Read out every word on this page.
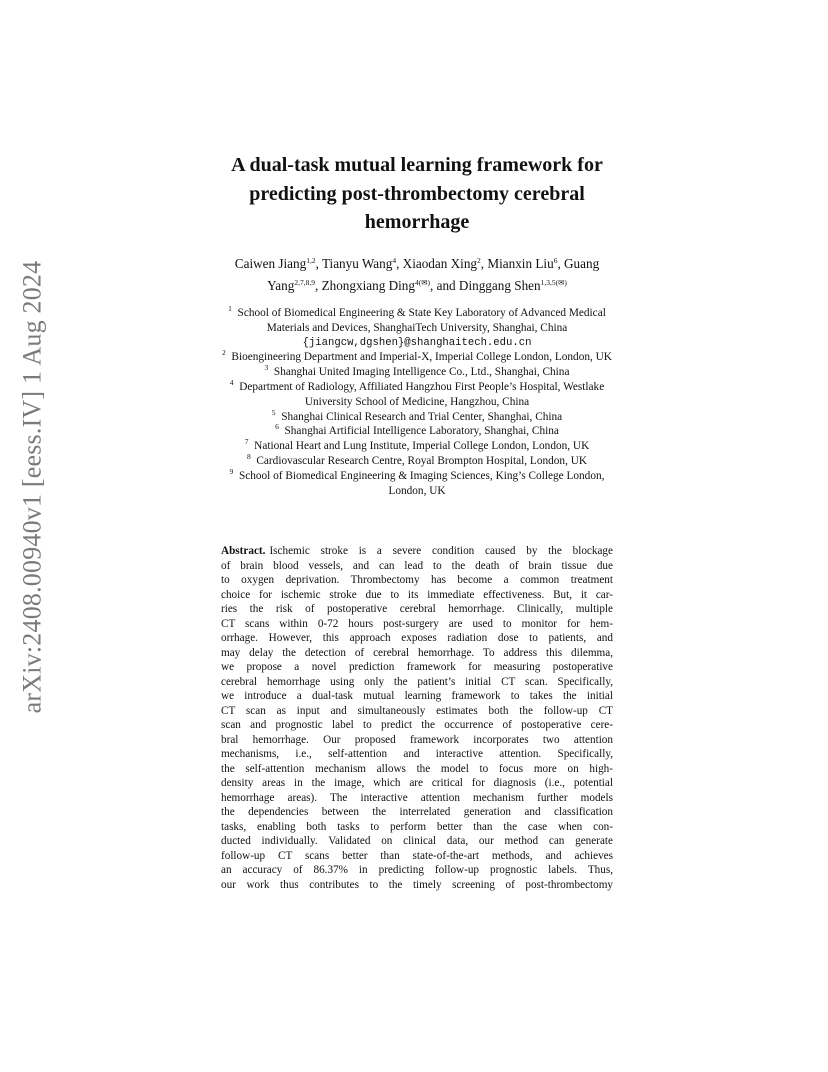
arXiv:2408.00940v1 [eess.IV] 1 Aug 2024
A dual-task mutual learning framework for
predicting post-thrombectomy cerebral
hemorrhage
Caiwen Jiang$^{1,2}$, Tianyu Wang$^4$, Xiaodan Xing$^2$, Mianxin Liu$^6$, Guang
Yang$^{2,7,8,9}$, Zhongxiang Ding$^{4(✉)}$, and Dinggang Shen$^{1,3,5(✉)}$
$^1$ School of Biomedical Engineering & State Key Laboratory of Advanced Medical
Materials and Devices, ShanghaiTech University, Shanghai, China
{jiangcw,dgshen}@shanghaitech.edu.cn
$^2$ Bioengineering Department and Imperial-X, Imperial College London, London, UK
$^3$ Shanghai United Imaging Intelligence Co., Ltd., Shanghai, China
$^4$ Department of Radiology, Affiliated Hangzhou First People’s Hospital, Westlake
University School of Medicine, Hangzhou, China
$^5$ Shanghai Clinical Research and Trial Center, Shanghai, China
$^6$ Shanghai Artificial Intelligence Laboratory, Shanghai, China
$^7$ National Heart and Lung Institute, Imperial College London, London, UK
$^8$ Cardiovascular Research Centre, Royal Brompton Hospital, London, UK
$^9$ School of Biomedical Engineering & Imaging Sciences, King’s College London,
London, UK
Abstract. Ischemic stroke is a severe condition caused by the blockage
of brain blood vessels, and can lead to the death of brain tissue due
to oxygen deprivation. Thrombectomy has become a common treatment
choice for ischemic stroke due to its immediate effectiveness. But, it car-
ries the risk of postoperative cerebral hemorrhage. Clinically, multiple
CT scans within 0-72 hours post-surgery are used to monitor for hem-
orrhage. However, this approach exposes radiation dose to patients, and
may delay the detection of cerebral hemorrhage. To address this dilemma,
we propose a novel prediction framework for measuring postoperative
cerebral hemorrhage using only the patient’s initial CT scan. Specifically,
we introduce a dual-task mutual learning framework to takes the initial
CT scan as input and simultaneously estimates both the follow-up CT
scan and prognostic label to predict the occurrence of postoperative cere-
bral hemorrhage. Our proposed framework incorporates two attention
mechanisms, i.e., self-attention and interactive attention. Specifically,
the self-attention mechanism allows the model to focus more on high-
density areas in the image, which are critical for diagnosis (i.e., potential
hemorrhage areas). The interactive attention mechanism further models
the dependencies between the interrelated generation and classification
tasks, enabling both tasks to perform better than the case when con-
ducted individually. Validated on clinical data, our method can generate
follow-up CT scans better than state-of-the-art methods, and achieves
an accuracy of 86.37% in predicting follow-up prognostic labels. Thus,
our work thus contributes to the timely screening of post-thrombectomy
